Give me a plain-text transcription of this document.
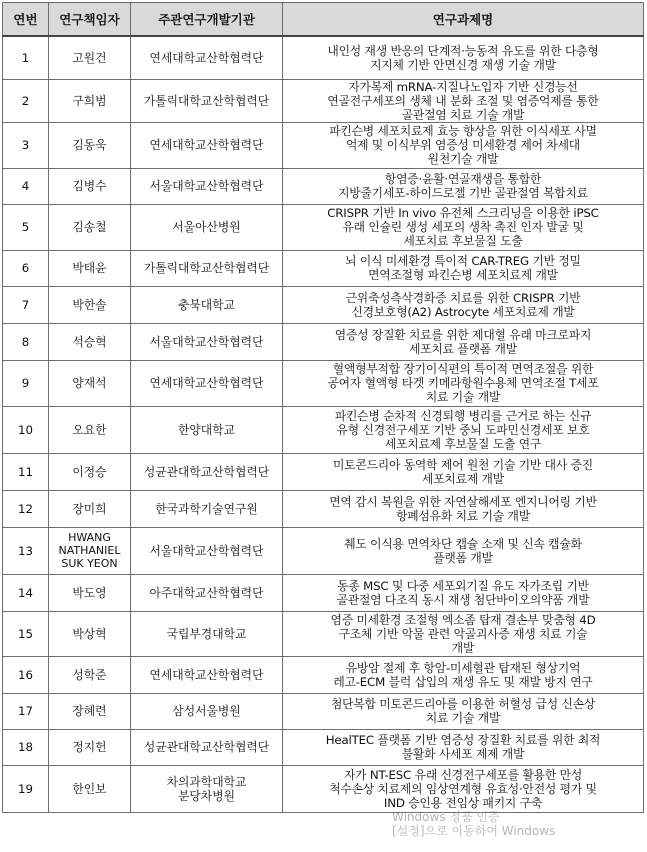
연번	연구책임자	주관연구개발기관	연구과제명
1	고원건	연세대학교산학협력단	내인성 재생 반응의 단계적·능동적 유도를 위한 다층형
지지체 기반 안면신경 재생 기술 개발

2	구희범	가톨릭대학교산학협력단	자가복제 mRNA-지질나노입자 기반 신경능선
연골전구세포의 생체 내 분화 조절 및 염증억제를 통한
골관절염 치료 기술 개발

3	김동욱	연세대학교산학협력단	파킨슨병 세포치료제 효능 향상을 위한 이식세포 사멸
억제 및 이식부위 염증성 미세환경 제어 차세대
원천기술 개발

4	김병수	서울대학교산학협력단	항염증·윤활·연골재생을 통합한
지방줄기세포-하이드로젤 기반 골관절염 복합치료

5	김송철	서울아산병원	CRISPR 기반 In vivo 유전체 스크리닝을 이용한 iPSC
유래 인슐린 생성 세포의 생착 촉진 인자 발굴 및
세포치료 후보물질 도출

6	박태윤	가톨릭대학교산학협력단	뇌 이식 미세환경 특이적 CAR-TREG 기반 정밀
면역조절형 파킨슨병 세포치료제 개발

7	박한솔	충북대학교	근위축성측삭경화증 치료를 위한 CRISPR 기반
신경보호형(A2) Astrocyte 세포치료제 개발

8	석승혁	서울대학교산학협력단	염증성 장질환 치료를 위한 제대혈 유래 마크로파지
세포치료 플랫폼 개발

9	양재석	연세대학교산학협력단	혈액형부적합 장기이식편의 특이적 면역조절을 위한
공여자 혈액형 타겟 키메라항원수용체 면역조절 T세포
치료 기술 개발

10	오요한	한양대학교	파킨슨병 순차적 신경퇴행 병리를 근거로 하는 신규
유형 신경전구세포 기반 중뇌 도파민신경세포 보호
세포치료제 후보물질 도출 연구

11	이정승	성균관대학교산학협력단	미토콘드리아 동역학 제어 원천 기술 기반 대사 증진
세포치료제 개발

12	장미희	한국과학기술연구원	면역 감시 복원을 위한 자연살해세포 엔지니어링 기반
항폐섬유화 치료 기술 개발

13	HWANG
NATHANIEL
SUK YEON	서울대학교산학협력단	췌도 이식용 면역차단 캡슐 소재 및 신속 캡슐화
플랫폼 개발

14	박도영	아주대학교산학협력단	동종 MSC 및 다중 세포외기질 유도 자가조립 기반
골관절염 다조직 동시 재생 첨단바이오의약품 개발

15	박상혁	국립부경대학교	염증 미세환경 조절형 엑소좀 탑재 결손부 맞춤형 4D
구조체 기반 악물 관련 악골괴사증 재생 치료 기술
개발

16	성학준	연세대학교산학협력단	유방암 절제 후 항암-미세혈관 탑재된 형상기억
레고-ECM 블럭 삽입의 재생 유도 및 재발 방지 연구

17	장혜련	삼성서울병원	첨단복합 미토콘드리아를 이용한 허혈성 급성 신손상
치료 기술 개발

18	정지헌	성균관대학교산학협력단	HealTEC 플랫폼 기반 염증성 장질환 치료를 위한 최적
불활화 사세포 제제 개발

19	한인보	차의과학대학교
분당차병원	자가 NT-ESC 유래 신경전구세포를 활용한 만성
척수손상 치료제의 임상연계형 유효성·안전성 평가 및
IND 승인용 전임상 패키지 구축
Windows 정품 인증
[설정]으로 이동하여 Windows
